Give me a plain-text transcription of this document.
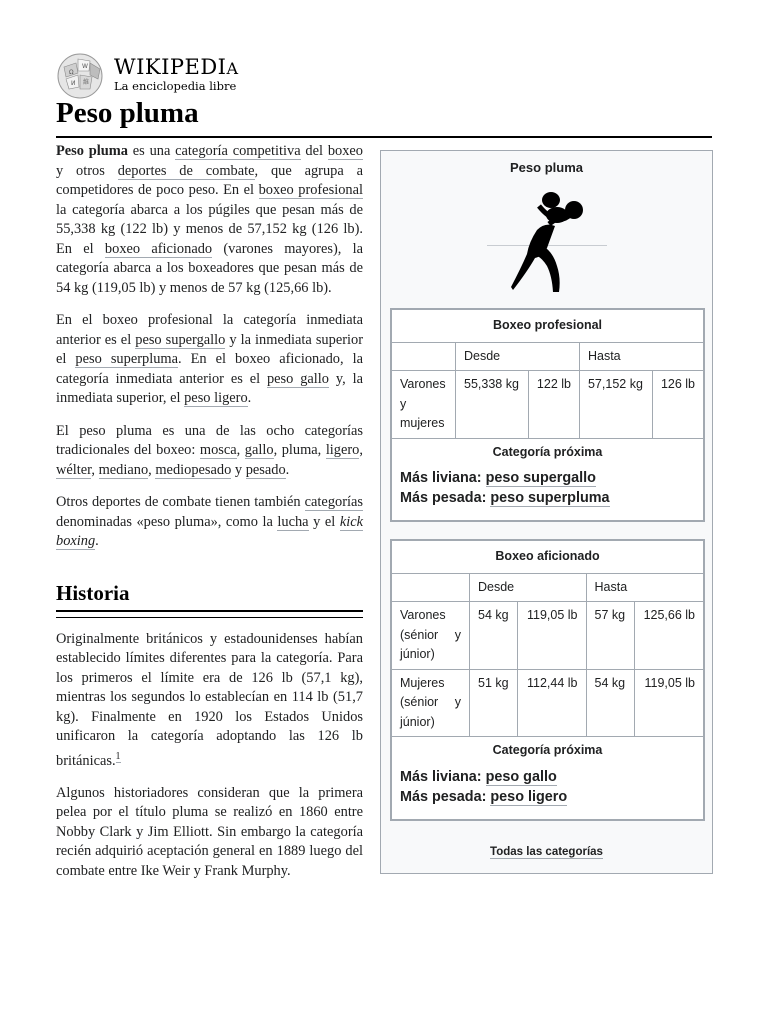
Ω
W
И 維
WIKIPEDIA
La enciclopedia libre
Peso pluma

Peso pluma es una categoría competitiva del boxeo y otros deportes de combate, que agrupa a competidores de poco peso. En el boxeo profesional la categoría abarca a los púgiles que pesan más de 55,338 kg (122 lb) y menos de 57,152 kg (126 lb). En el boxeo aficionado (varones mayores), la categoría abarca a los boxeadores que pesan más de 54 kg (119,05 lb) y menos de 57 kg (125,66 lb).

En el boxeo profesional la categoría inmediata anterior es el peso supergallo y la inmediata superior el peso superpluma. En el boxeo aficionado, la categoría inmediata anterior es el peso gallo y, la inmediata superior, el peso ligero.

El peso pluma es una de las ocho categorías tradicionales del boxeo: mosca, gallo, pluma, ligero, wélter, mediano, mediopesado y pesado.

Otros deportes de combate tienen también categorías denominadas «peso pluma», como la lucha y el kick boxing.

Historia

Originalmente británicos y estadounidenses habían establecido límites diferentes para la categoría. Para los primeros el límite era de 126 lb (57,1 kg), mientras los segundos lo establecían en 114 lb (51,7 kg). Finalmente en 1920 los Estados Unidos unificaron la categoría adoptando las 126 lb británicas.$^1$

Algunos historiadores consideran que la primera pelea por el título pluma se realizó en 1860 entre Nobby Clark y Jim Elliott. Sin embargo la categoría recién adquirió aceptación general en 1889 luego del combate entre Ike Weir y Frank Murphy.

Peso pluma
Boxeo profesional				
	Desde		Hasta	
Varones y mujeres	55,338 kg	122 lb	57,152 kg	126 lb

Categoría próxima
Más liviana: peso supergallo
Más pesada: peso superpluma				
Boxeo aficionado				
	Desde		Hasta	
Varones (sénior y júnior)	54 kg	119,05 lb	57 kg	125,66 lb
Mujeres (sénior y júnior)	51 kg	112,44 lb	54 kg	119,05 lb

Categoría próxima
Más liviana: peso gallo
Más pesada: peso ligero				
Todas las categorías
